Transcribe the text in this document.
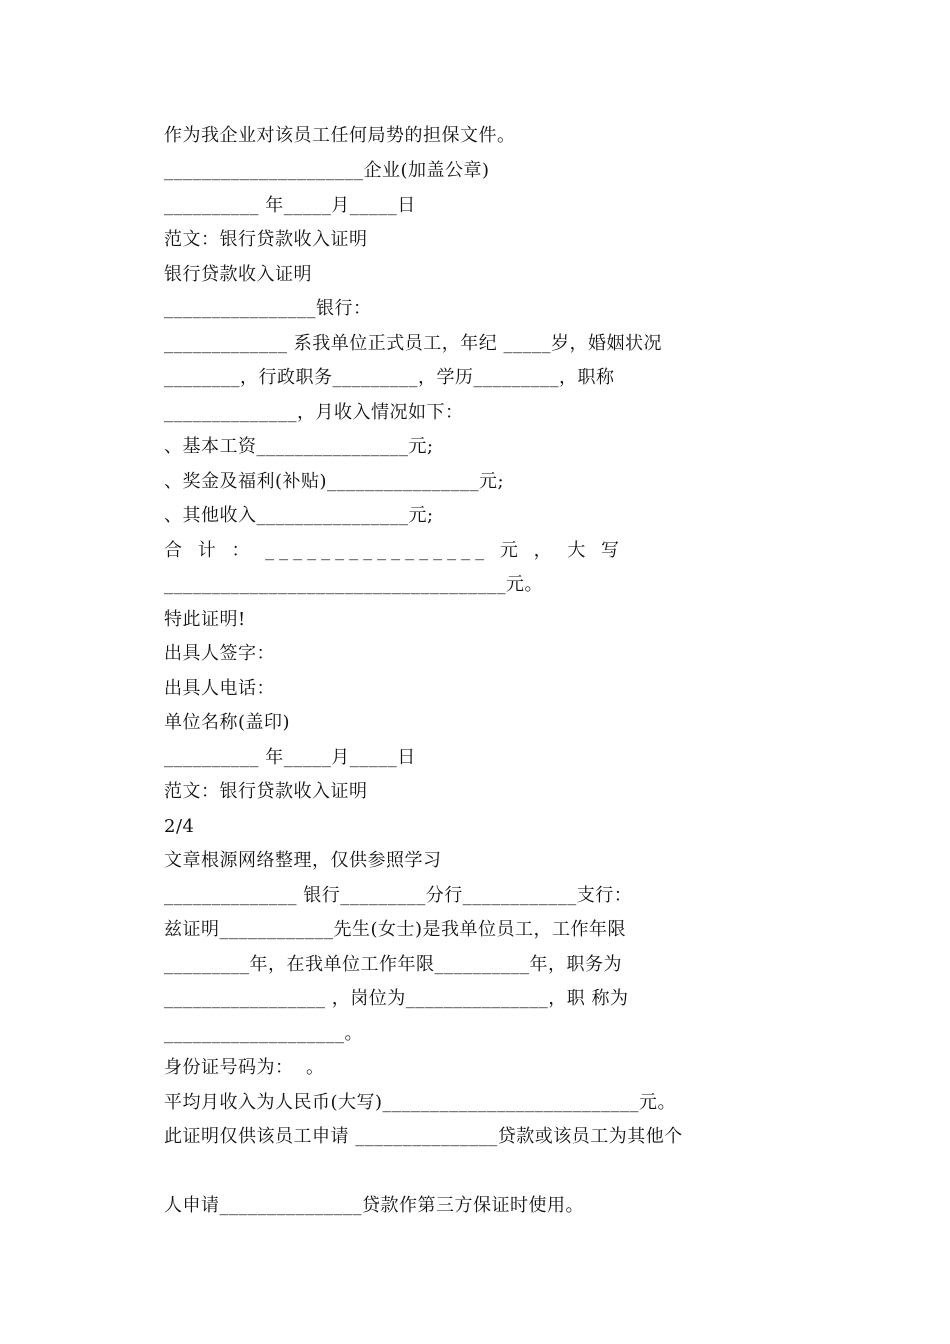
作为我企业对该员工任何局势的担保文件。
_____________________企业(加盖公章)
__________ 年_____月_____日
范文：银行贷款收入证明
银行贷款收入证明
________________银行：
_____________ 系我单位正式员工，年纪 _____岁，婚姻状况
________，行政职务_________，学历_________，职称
______________，月收入情况如下：
、基本工资________________元;
、奖金及福利(补贴)________________元;
、其他收入________________元;
合 计 ： ________________ 元 ， 大 写
____________________________________元。
特此证明!
出具人签字：
出具人电话：
单位名称(盖印)
__________ 年_____月_____日
范文：银行贷款收入证明
2/4
文章根源网络整理，仅供参照学习
______________ 银行_________分行____________支行：
兹证明____________先生(女士)是我单位员工，工作年限
_________年，在我单位工作年限__________年，职务为
_________________ ，岗位为_______________，职 称为
___________________。
身份证号码为：  。
平均月收入为人民币(大写)___________________________元。
此证明仅供该员工申请 _______________贷款或该员工为其他个
人申请_______________贷款作第三方保证时使用。
